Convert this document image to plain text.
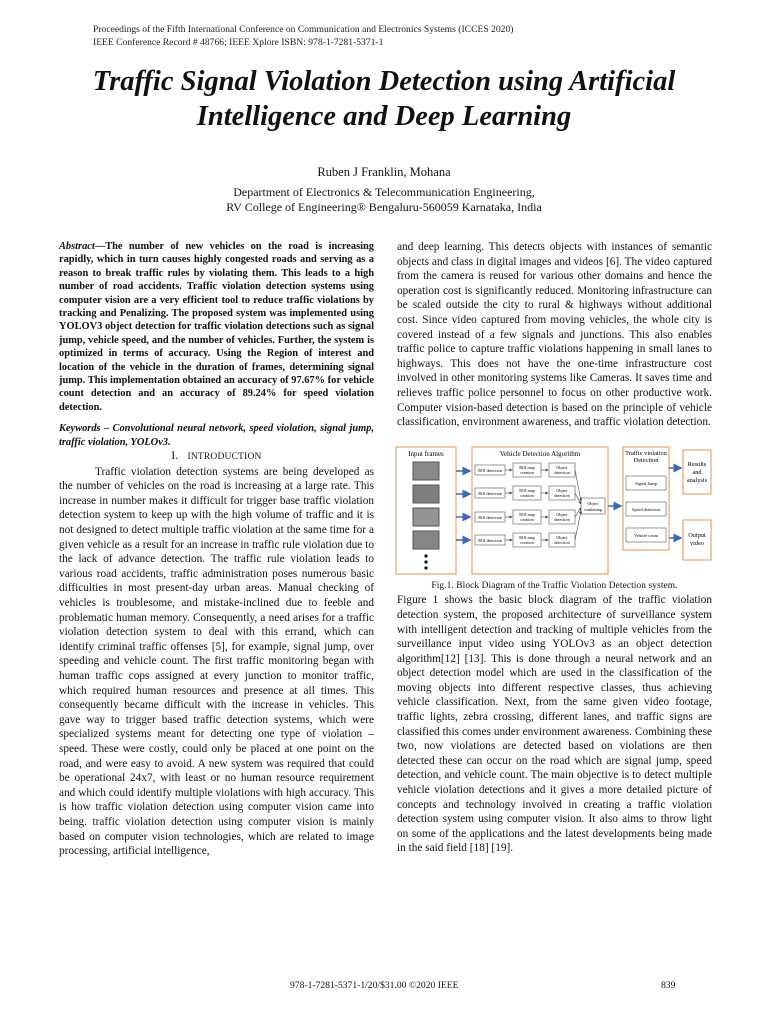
Proceedings of the Fifth International Conference on Communication and Electronics Systems (ICCES 2020)
IEEE Conference Record # 48766; IEEE Xplore ISBN: 978-1-7281-5371-1
Traffic Signal Violation Detection using Artificial
Intelligence and Deep Learning
Ruben J Franklin, Mohana
Department of Electronics & Telecommunication Engineering,
RV College of Engineering® Bengaluru-560059 Karnataka, India

Abstract—The number of new vehicles on the road is increasing rapidly, which in turn causes highly congested roads and serving as a reason to break traffic rules by violating them. This leads to a high number of road accidents. Traffic violation detection systems using computer vision are a very efficient tool to reduce traffic violations by tracking and Penalizing. The proposed system was implemented using YOLOV3 object detection for traffic violation detections such as signal jump, vehicle speed, and the number of vehicles. Further, the system is optimized in terms of accuracy. Using the Region of interest and location of the vehicle in the duration of frames, determining signal jump. This implementation obtained an accuracy of 97.67% for vehicle count detection and an accuracy of 89.24% for speed violation detection.

Keywords – Convolutional neural network, speed violation, signal jump, traffic violation, YOLOv3.

I. INTRODUCTION

Traffic violation detection systems are being developed as the number of vehicles on the road is increasing at a large rate. This increase in number makes it difficult for trigger base traffic violation detection system to keep up with the high volume of traffic and it is not designed to detect multiple traffic violation at the same time for a given vehicle as a result for an increase in traffic rule violation due to the lack of advance detection. The traffic rule violation leads to various road accidents, traffic administration poses numerous basic difficulties in most present-day urban areas. Manual checking of vehicles is troublesome, and mistake-inclined due to feeble and problematic human memory. Consequently, a need arises for a traffic violation detection system to deal with this errand, which can identify criminal traffic offenses [5], for example, signal jump, over speeding and vehicle count. The first traffic monitoring began with human traffic cops assigned at every junction to monitor traffic, which required human resources and presence at all times. This consequently became difficult with the increase in vehicles. This gave way to trigger based traffic detection systems, which were specialized systems meant for detecting one type of violation – speed. These were costly, could only be placed at one point on the road, and were easy to avoid. A new system was required that could be operational 24x7, with least or no human resource requirement and which could identify multiple violations with high accuracy. This is how traffic violation detection using computer vision came into being. traffic violation detection using computer vision is mainly based on computer vision technologies, which are related to image processing, artificial intelligence,

and deep learning. This detects objects with instances of semantic objects and class in digital images and videos [6]. The video captured from the camera is reused for various other domains and hence the operation cost is significantly reduced. Monitoring infrastructure can be scaled outside the city to rural & highways without additional cost. Since video captured from moving vehicles, the whole city is covered instead of a few signals and junctions. This also enables traffic police to capture traffic violations happening in small lanes to highways. This does not have the one-time infrastructure cost involved in other monitoring systems like Cameras. It saves time and relieves traffic police personnel to focus on other productive work. Computer vision-based detection is based on the principle of vehicle classification, environment awareness, and traffic violation detection.

Input frames	Vehicle Detection Algorithm
ROI detection
ROI map
creation
Object
detection
ROI detection
ROI map
creation
Object
detection
ROI detection
ROI map
creation
Object
detection
ROI detection
ROI map
creation
Object
detection
Object
combining
Traffic violation
Detection
Signal Jump
Speed detection
Vehicle count
Results
and
analysis
Output
video

Fig.1. Block Diagram of the Traffic Violation Detection system.

Figure 1 shows the basic block diagram of the traffic violation detection system, the proposed architecture of surveillance system with intelligent detection and tracking of multiple vehicles from the surveillance input video using YOLOv3 as an object detection algorithm[12] [13]. This is done through a neural network and an object detection model which are used in the classification of the moving objects into different respective classes, thus achieving vehicle classification. Next, from the same given video footage, traffic lights, zebra crossing, different lanes, and traffic signs are classified this comes under environment awareness. Combining these two, now violations are detected based on violations are then detected these can occur on the road which are signal jump, speed detection, and vehicle count. The main objective is to detect multiple vehicle violation detections and it gives a more detailed picture of concepts and technology involved in creating a traffic violation detection system using computer vision. It also aims to throw light on some of the applications and the latest developments being made in the said field [18] [19].

978-1-7281-5371-1/20/$31.00 ©2020 IEEE	839
